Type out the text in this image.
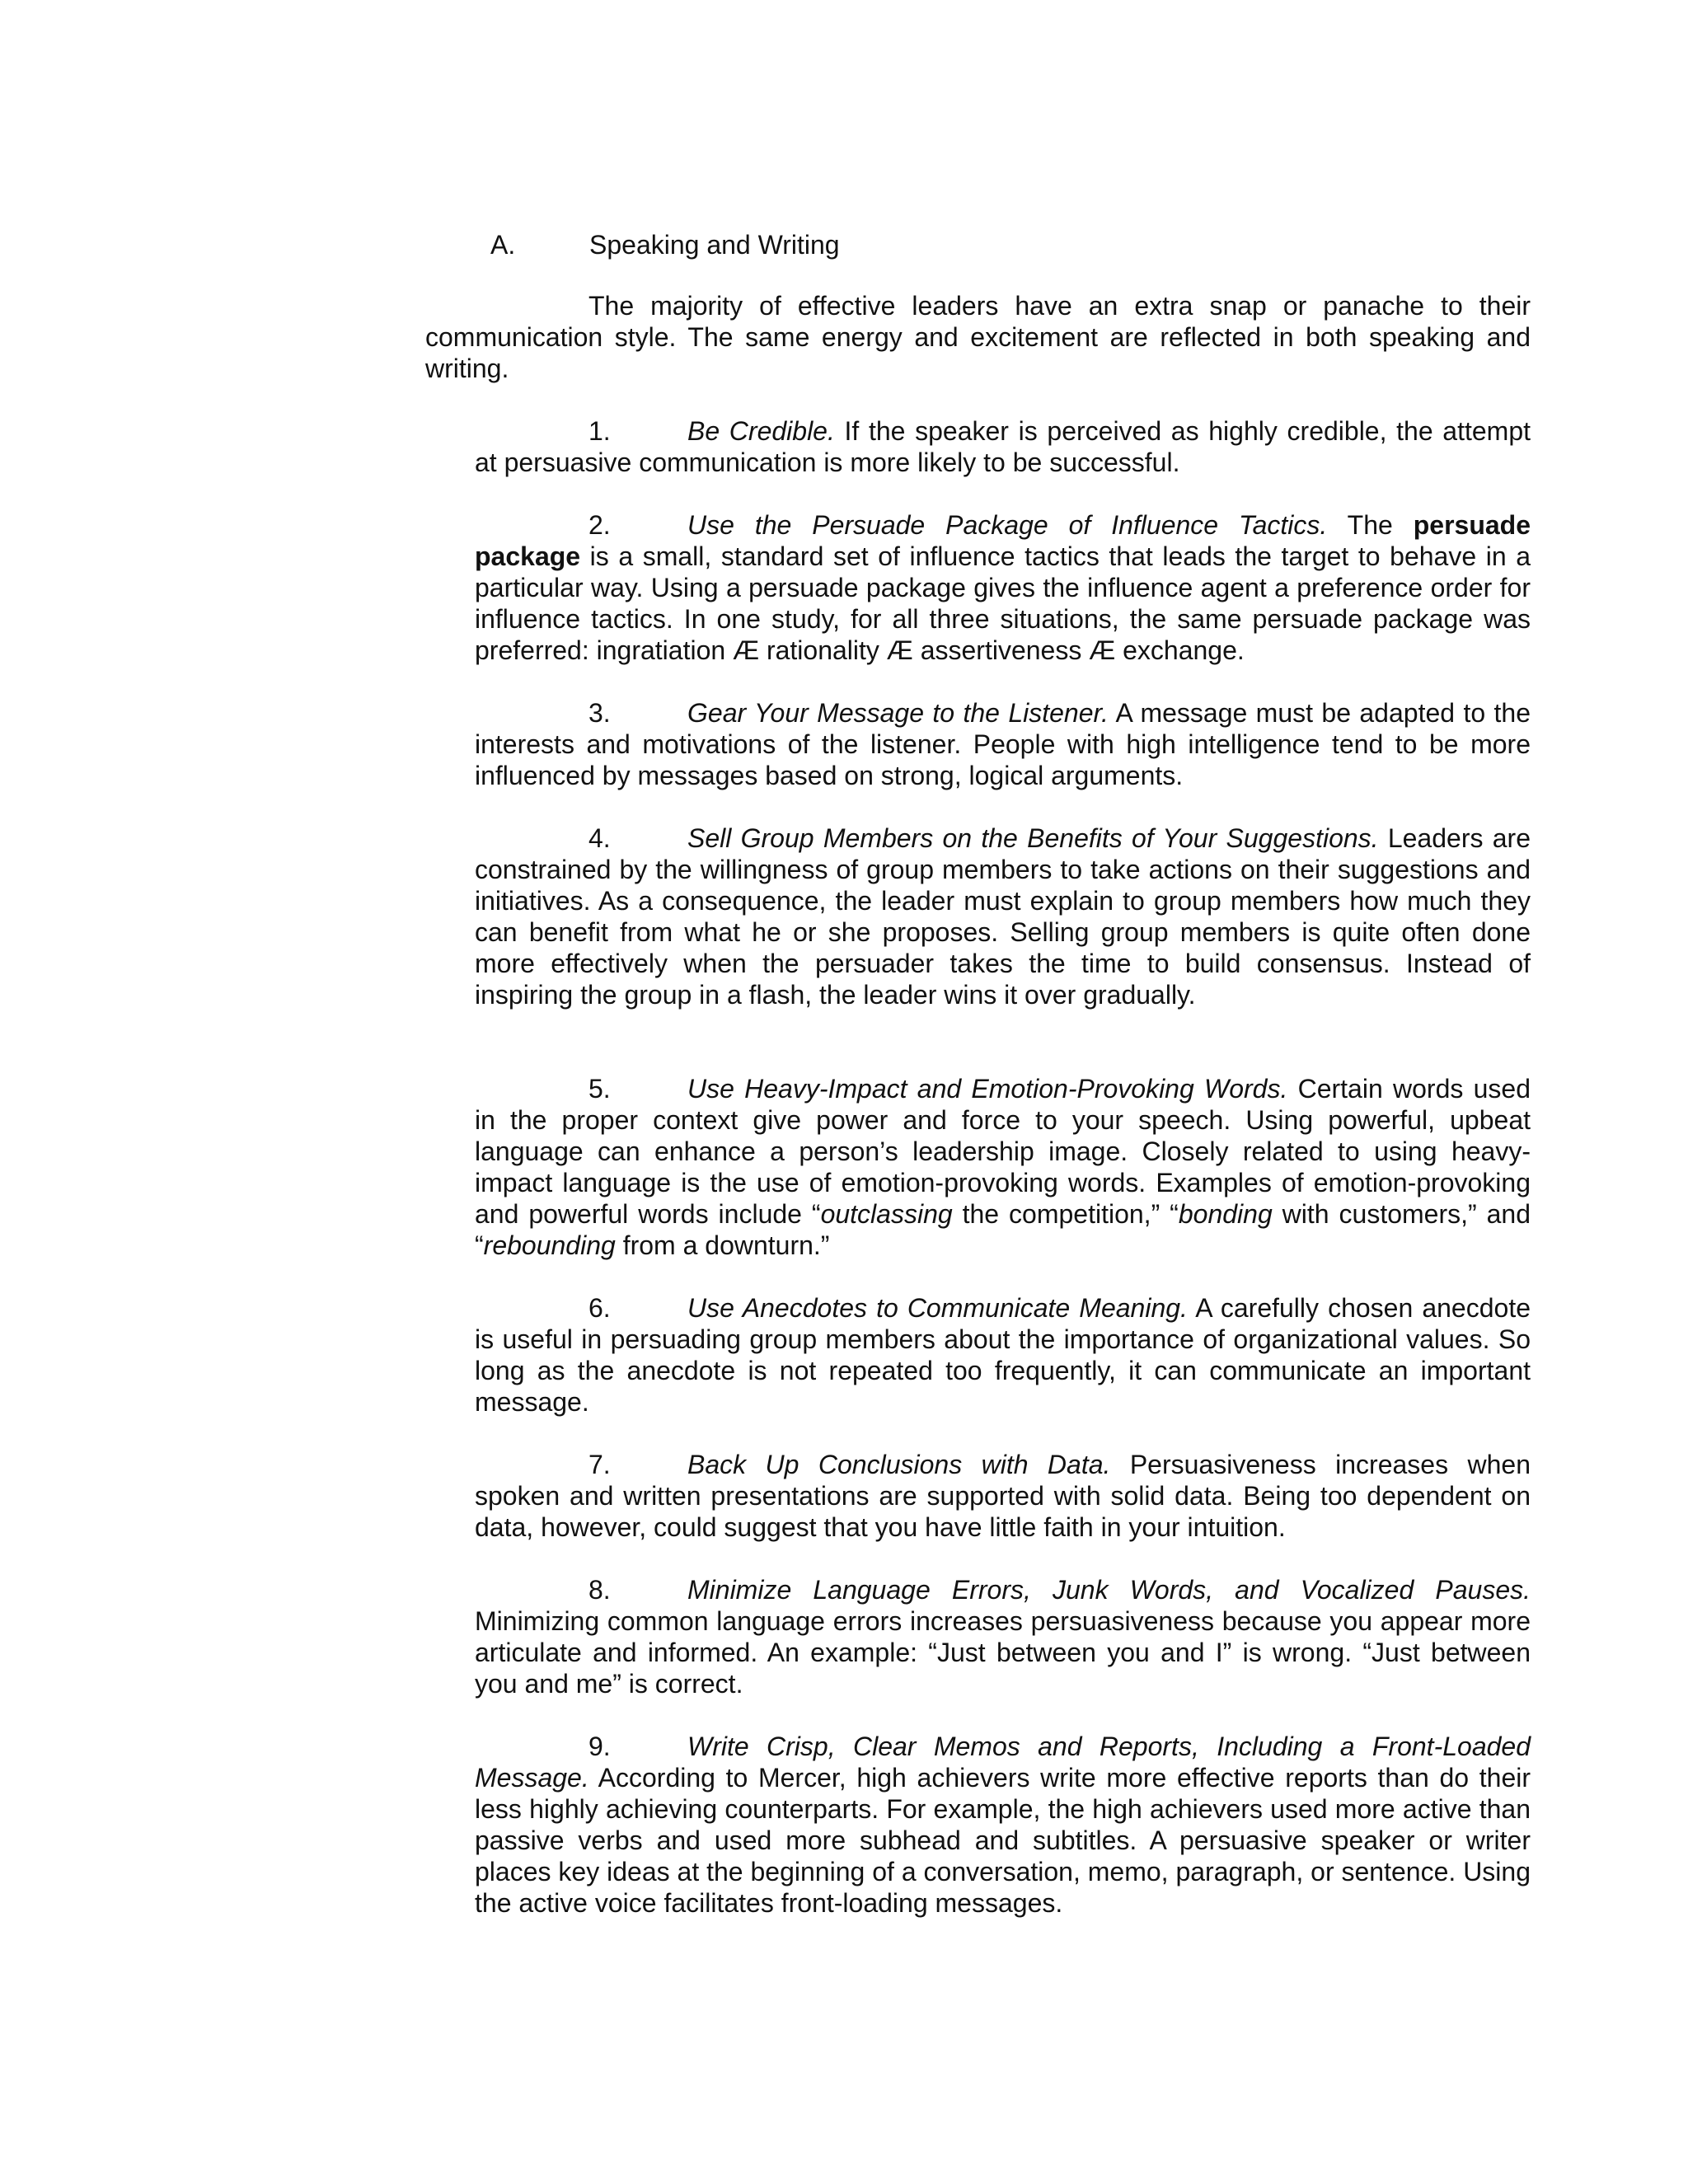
A.	Speaking and Writing

The majority of effective leaders have an extra snap or panache to their communication style. The same energy and excitement are reflected in both speaking and writing.

1.	Be Credible. If the speaker is perceived as highly credible, the attempt at persuasive communication is more likely to be successful.

2.	Use the Persuade Package of Influence Tactics. The persuade package is a small, standard set of influence tactics that leads the target to behave in a particular way. Using a persuade package gives the influence agent a preference order for influence tactics. In one study, for all three situations, the same persuade package was preferred: ingratiation Æ rationality Æ assertiveness Æ exchange.

3.	Gear Your Message to the Listener. A message must be adapted to the interests and motivations of the listener. People with high intelligence tend to be more influenced by messages based on strong, logical arguments.

4.	Sell Group Members on the Benefits of Your Suggestions. Leaders are constrained by the willingness of group members to take actions on their suggestions and initiatives. As a consequence, the leader must explain to group members how much they can benefit from what he or she proposes. Selling group members is quite often done more effectively when the persuader takes the time to build consensus. Instead of inspiring the group in a flash, the leader wins it over gradually.

5.	Use Heavy-Impact and Emotion-Provoking Words. Certain words used in the proper context give power and force to your speech. Using powerful, upbeat language can enhance a person’s leadership image. Closely related to using heavy-impact language is the use of emotion-provoking words. Examples of emotion-provoking and powerful words include “outclassing the competition,” “bonding with customers,” and “rebounding from a downturn.”

6.	Use Anecdotes to Communicate Meaning. A carefully chosen anecdote is useful in persuading group members about the importance of organizational values. So long as the anecdote is not repeated too frequently, it can communicate an important message.

7.	Back Up Conclusions with Data. Persuasiveness increases when spoken and written presentations are supported with solid data. Being too dependent on data, however, could suggest that you have little faith in your intuition.

8.	Minimize Language Errors, Junk Words, and Vocalized Pauses. Minimizing common language errors increases persuasiveness because you appear more articulate and informed. An example: “Just between you and I” is wrong. “Just between you and me” is correct.

9.	Write Crisp, Clear Memos and Reports, Including a Front-Loaded Message. According to Mercer, high achievers write more effective reports than do their less highly achieving counterparts. For example, the high achievers used more active than passive verbs and used more subhead and subtitles. A persuasive speaker or writer places key ideas at the beginning of a conversation, memo, paragraph, or sentence. Using the active voice facilitates front-loading messages.
